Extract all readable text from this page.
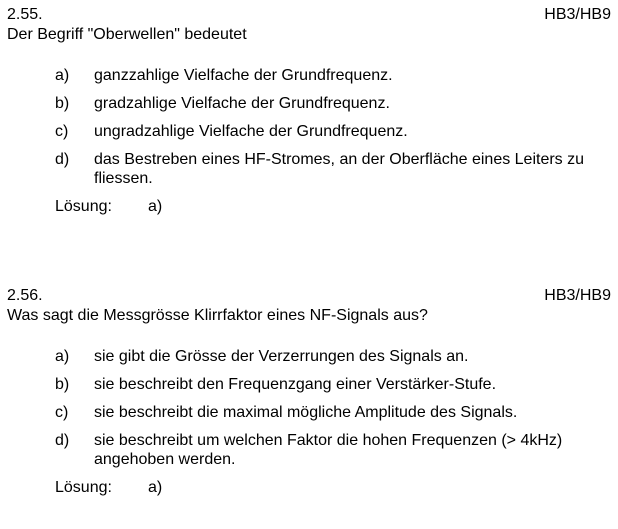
2.55.	HB3/HB9
Der Begriff "Oberwellen" bedeutet
a) ganzzahlige Vielfache der Grundfrequenz.
b) gradzahlige Vielfache der Grundfrequenz.
c) ungradzahlige Vielfache der Grundfrequenz.
d) das Bestreben eines HF-Stromes, an der Oberfläche eines Leiters zu fliessen.
Lösung: a)
2.56.	HB3/HB9
Was sagt die Messgrösse Klirrfaktor eines NF-Signals aus?
a) sie gibt die Grösse der Verzerrungen des Signals an.
b) sie beschreibt den Frequenzgang einer Verstärker-Stufe.
c) sie beschreibt die maximal mögliche Amplitude des Signals.
d) sie beschreibt um welchen Faktor die hohen Frequenzen (> 4kHz) angehoben werden.
Lösung: a)
